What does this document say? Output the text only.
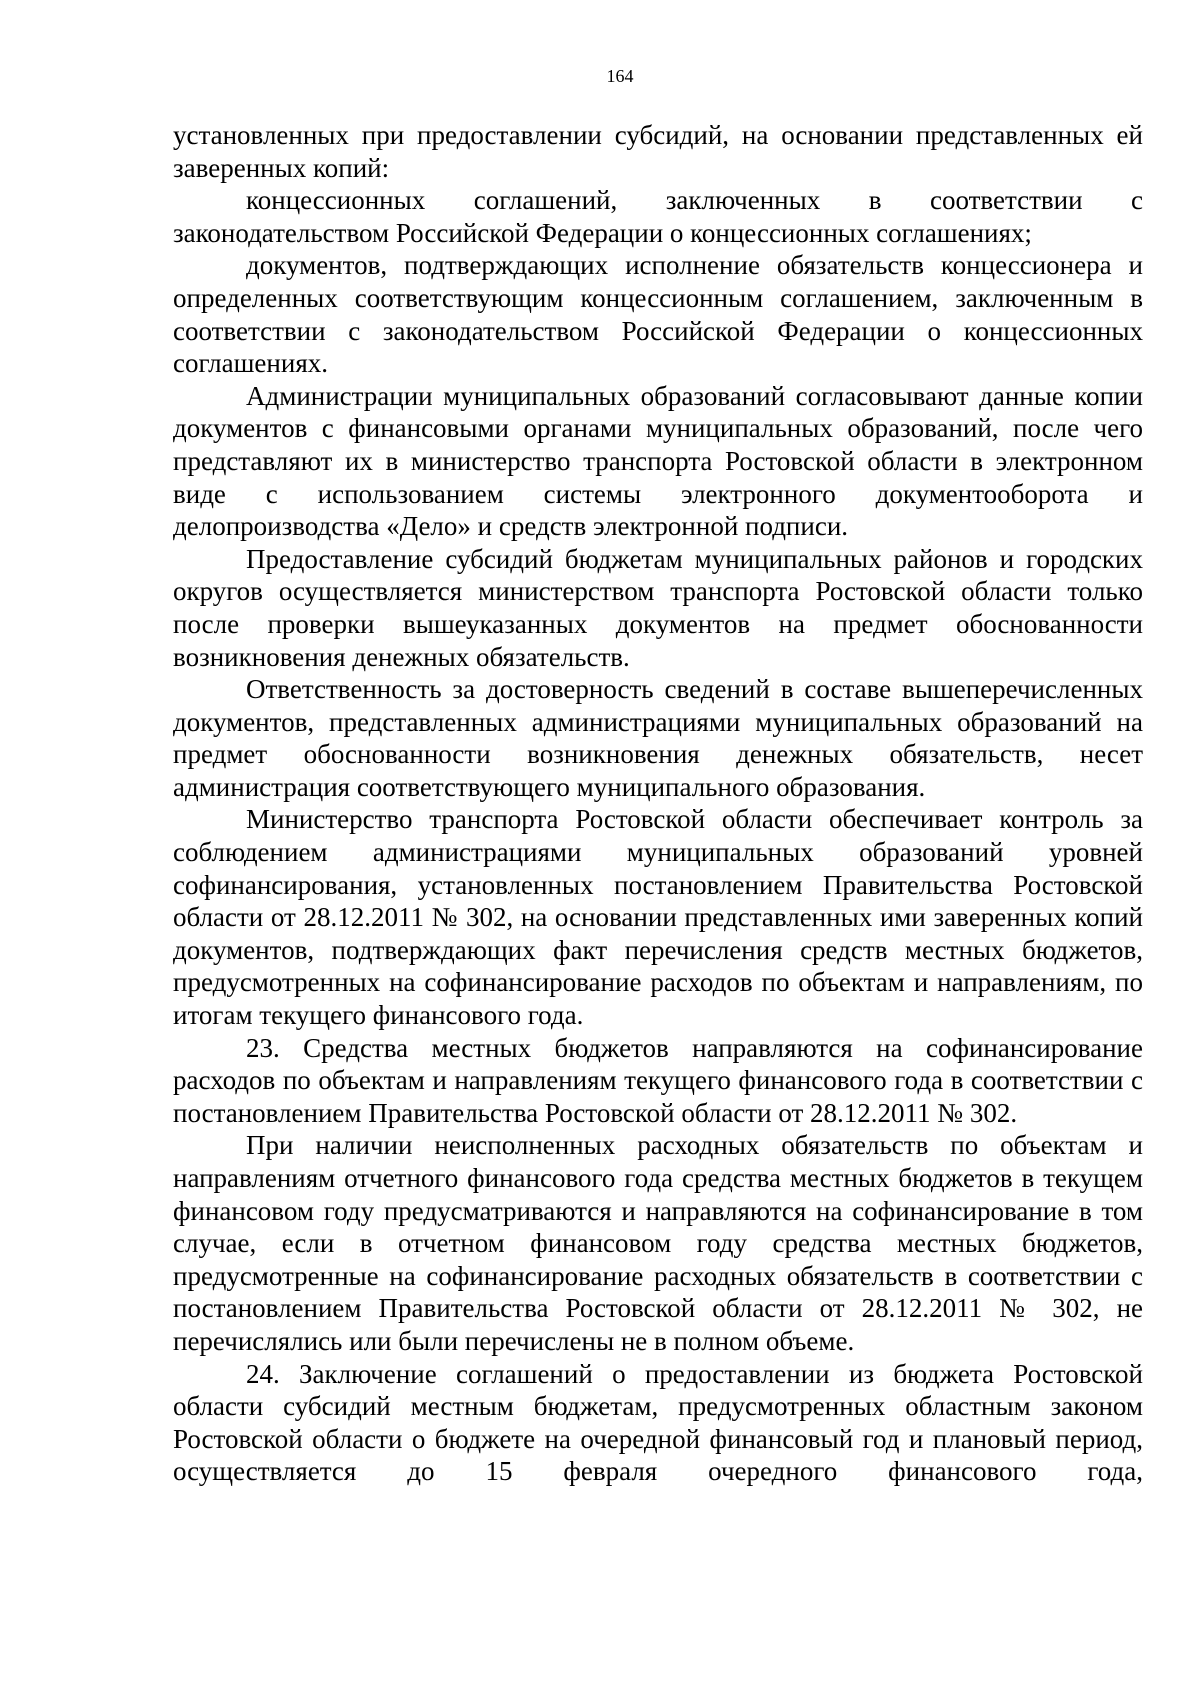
164

установленных при предоставлении субсидий, на основании представленных ей заверенных копий:

концессионных соглашений, заключенных в соответствии с законодательством Российской Федерации о концессионных соглашениях;

документов, подтверждающих исполнение обязательств концессионера и определенных соответствующим концессионным соглашением, заключенным в соответствии с законодательством Российской Федерации о концессионных соглашениях.

Администрации муниципальных образований согласовывают данные копии документов с финансовыми органами муниципальных образований, после чего представляют их в министерство транспорта Ростовской области в электронном виде с использованием системы электронного документооборота и делопроизводства «Дело» и средств электронной подписи.

Предоставление субсидий бюджетам муниципальных районов и городских округов осуществляется министерством транспорта Ростовской области только после проверки вышеуказанных документов на предмет обоснованности возникновения денежных обязательств.

Ответственность за достоверность сведений в составе вышеперечисленных документов, представленных администрациями муниципальных образований на предмет обоснованности возникновения денежных обязательств, несет администрация соответствующего муниципального образования.

Министерство транспорта Ростовской области обеспечивает контроль за соблюдением администрациями муниципальных образований уровней софинансирования, установленных постановлением Правительства Ростовской области от 28.12.2011 № 302, на основании представленных ими заверенных копий документов, подтверждающих факт перечисления средств местных бюджетов, предусмотренных на софинансирование расходов по объектам и направлениям, по итогам текущего финансового года.

23. Средства местных бюджетов направляются на софинансирование расходов по объектам и направлениям текущего финансового года в соответствии с постановлением Правительства Ростовской области от 28.12.2011 № 302.

При наличии неисполненных расходных обязательств по объектам и направлениям отчетного финансового года средства местных бюджетов в текущем финансовом году предусматриваются и направляются на софинансирование в том случае, если в отчетном финансовом году средства местных бюджетов, предусмотренные на софинансирование расходных обязательств в соответствии с постановлением Правительства Ростовской области от 28.12.2011 № 302, не перечислялись или были перечислены не в полном объеме.

24. Заключение соглашений о предоставлении из бюджета Ростовской области субсидий местным бюджетам, предусмотренных областным законом Ростовской области о бюджете на очередной финансовый год и плановый период, осуществляется до 15 февраля очередного финансового года,
